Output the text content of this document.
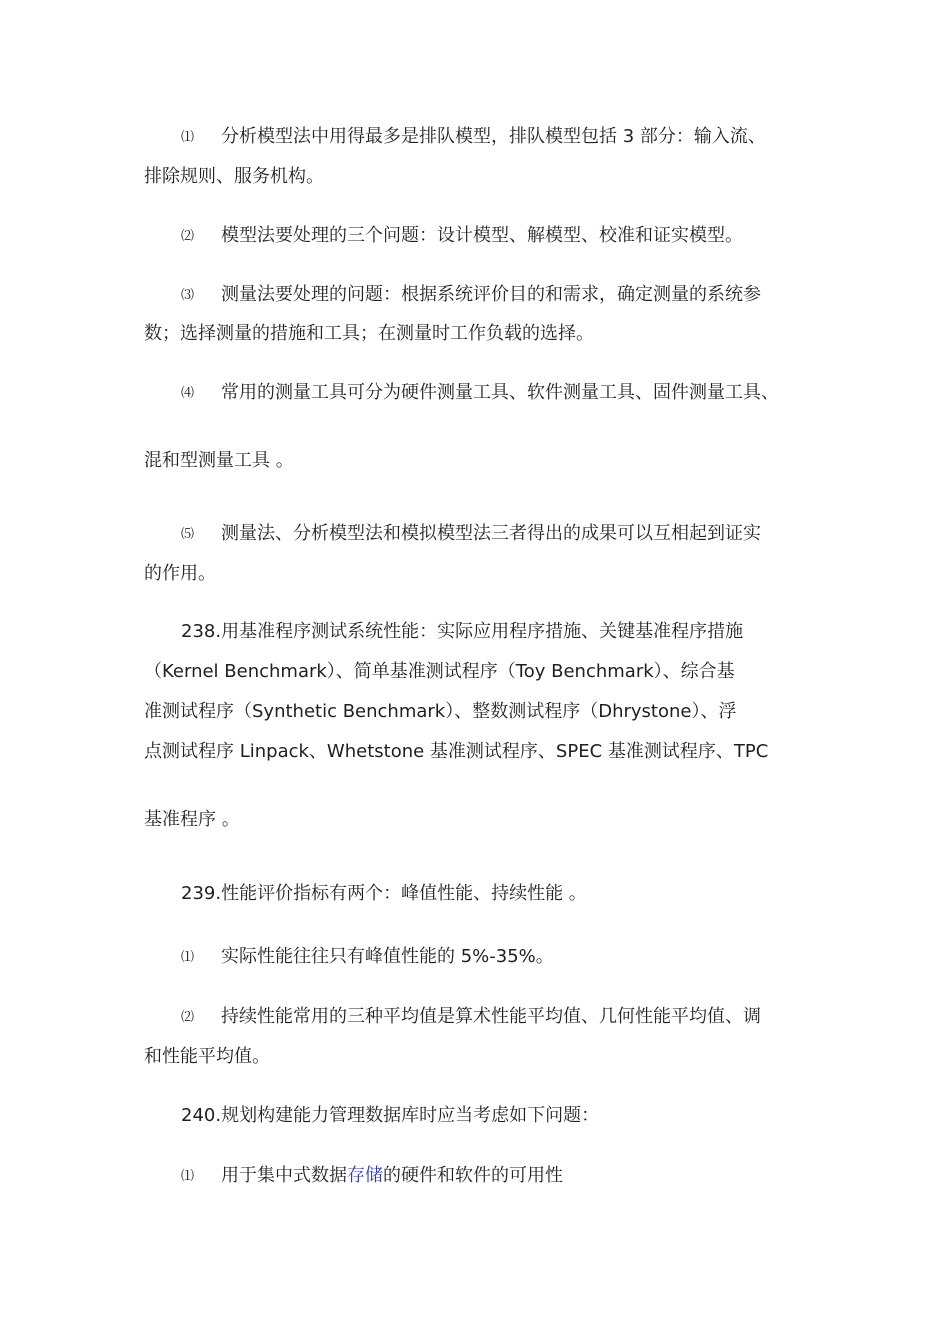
⑴ 分析模型法中用得最多是排队模型，排队模型包括 3 部分：输入流、
排除规则、服务机构。
⑵ 模型法要处理的三个问题：设计模型、解模型、校准和证实模型。
⑶ 测量法要处理的问题：根据系统评价目的和需求，确定测量的系统参
数；选择测量的措施和工具；在测量时工作负载的选择。
⑷ 常用的测量工具可分为硬件测量工具、软件测量工具、固件测量工具、
混和型测量工具 。
⑸ 测量法、分析模型法和模拟模型法三者得出的成果可以互相起到证实
的作用。
238.用基准程序测试系统性能：实际应用程序措施、关键基准程序措施
（Kernel Benchmark）、简单基准测试程序（Toy Benchmark）、综合基
准测试程序（Synthetic Benchmark）、整数测试程序（Dhrystone）、浮
点测试程序 Linpack、Whetstone 基准测试程序、SPEC 基准测试程序、TPC
基准程序 。
239.性能评价指标有两个：峰值性能、持续性能 。
⑴ 实际性能往往只有峰值性能的 5%-35%。
⑵ 持续性能常用的三种平均值是算术性能平均值、几何性能平均值、调
和性能平均值。
240.规划构建能力管理数据库时应当考虑如下问题：
⑴ 用于集中式数据存储的硬件和软件的可用性
